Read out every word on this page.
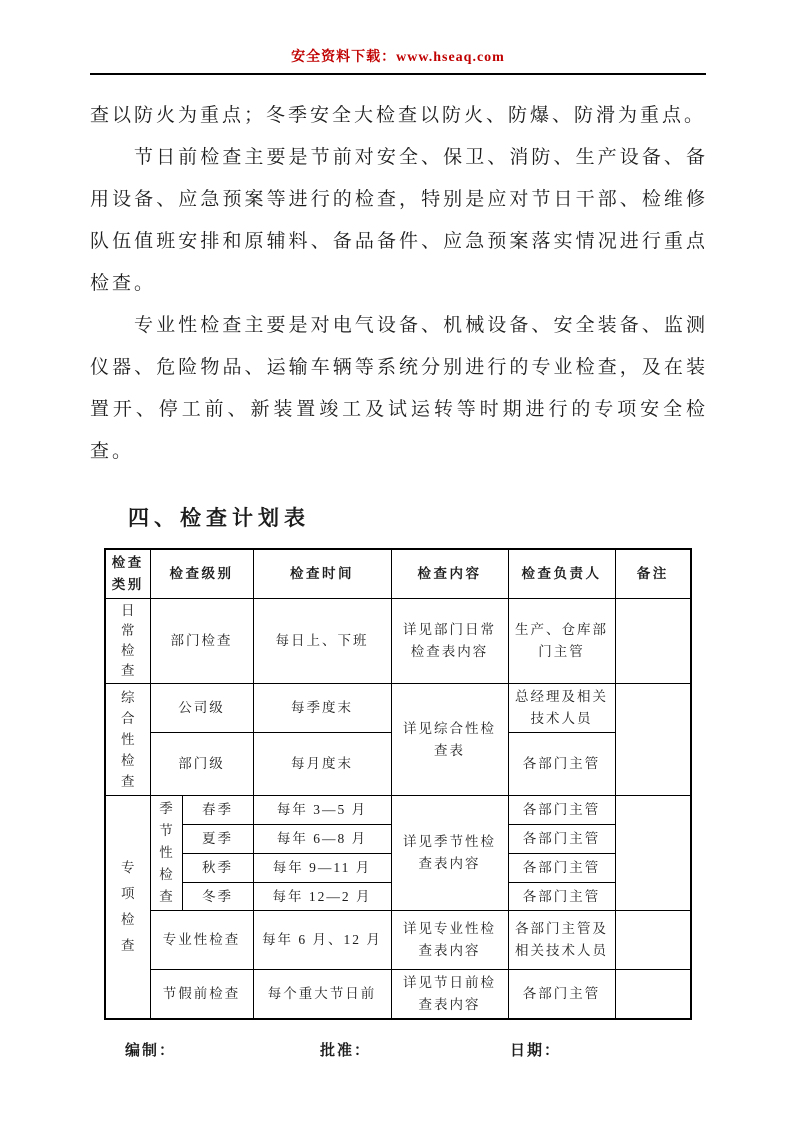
安全资料下载：www.hseaq.com

查以防火为重点；冬季安全大检查以防火、防爆、防滑为重点。

节日前检查主要是节前对安全、保卫、消防、生产设备、备用设备、应急预案等进行的检查，特别是应对节日干部、检维修队伍值班安排和原辅料、备品备件、应急预案落实情况进行重点检查。

专业性检查主要是对电气设备、机械设备、安全装备、监测仪器、危险物品、运输车辆等系统分别进行的专业检查，及在装置开、停工前、新装置竣工及试运转等时期进行的专项安全检查。

四、检查计划表
检查类别	检查级别		检查时间	检查内容	检查负责人	备注

日常检查	部门检查		每日上、下班	详见部门日常检查表内容	生产、仓库部门主管	

综合性检查	公司级		每季度末	详见综合性检查表	总经理及相关技术人员	
	部门级		每月度末		各部门主管	

专项检查	季节性检查	春季	每年 3—5 月	详见季节性检查表内容	各部门主管	
		夏季	每年 6—8 月		各部门主管	
		秋季	每年 9—11 月		各部门主管	
		冬季	每年 12—2 月		各部门主管	
	专业性检查		每年 6 月、12 月	详见专业性检查表内容	各部门主管及相关技术人员	
	节假前检查		每个重大节日前	详见节日前检查表内容	各部门主管	
编制：	批准：	日期：
